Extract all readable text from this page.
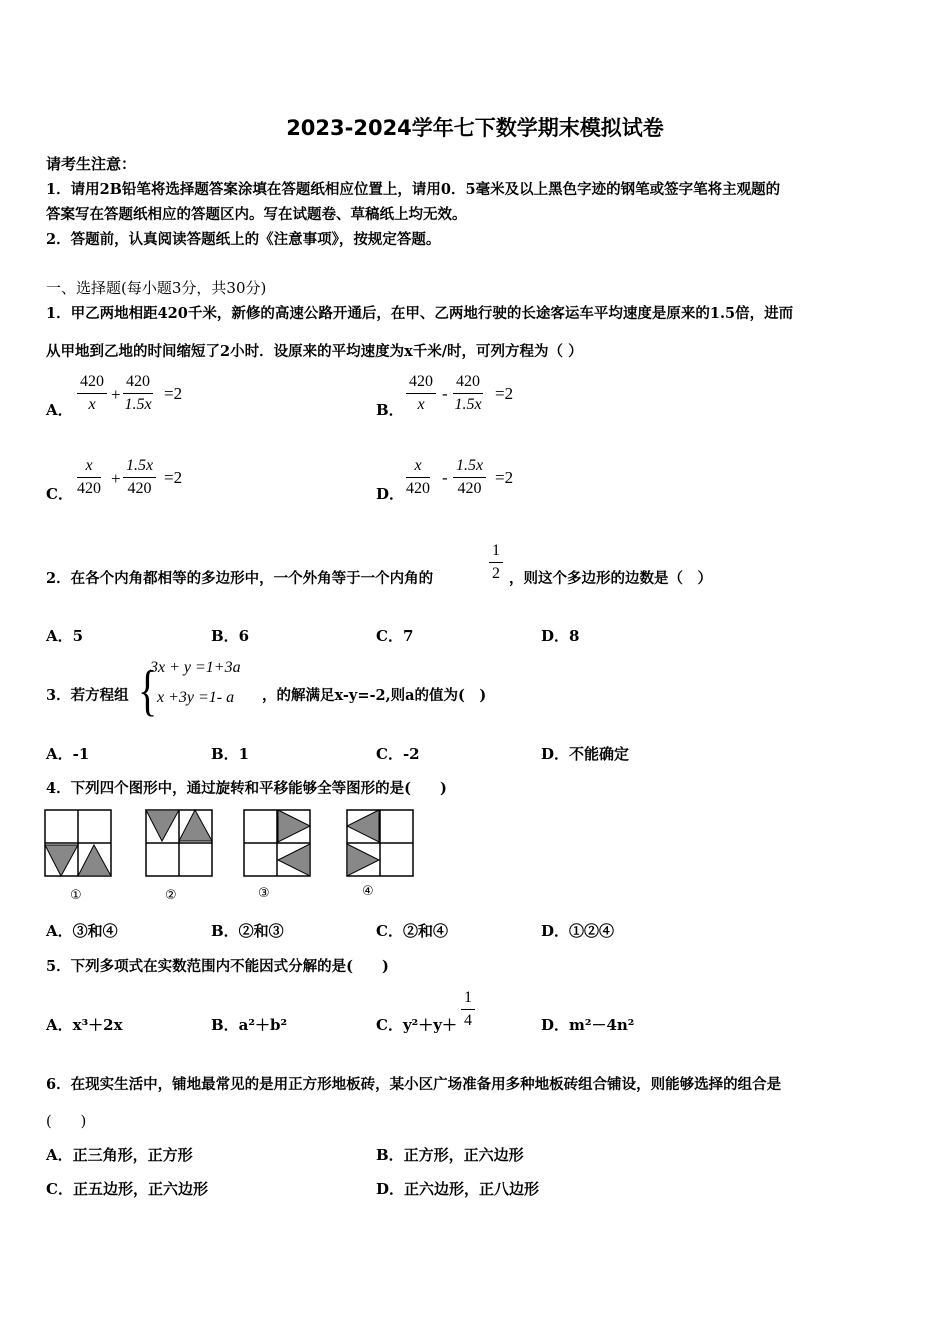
2023-2024学年七下数学期末模拟试卷
请考生注意：
1．请用2B铅笔将选择题答案涂填在答题纸相应位置上，请用0．5毫米及以上黑色字迹的钢笔或签字笔将主观题的
答案写在答题纸相应的答题区内。写在试题卷、草稿纸上均无效。
2．答题前，认真阅读答题纸上的《注意事项》，按规定答题。
一、选择题(每小题3分，共30分)
1．甲乙两地相距420千米，新修的高速公路开通后，在甲、乙两地行驶的长途客运车平均速度是原来的1.5倍，进而
从甲地到乙地的时间缩短了2小时．设原来的平均速度为x千米/时，可列方程为（ ）
A． $\frac{420}{x} + \frac{420}{1.5x} =2$
B． $\frac{420}{x} - \frac{420}{1.5x} =2$
C． $\frac{x}{420} + \frac{1.5x}{420} =2$
D． $\frac{x}{420} - \frac{1.5x}{420} =2$
2．在各个内角都相等的多边形中，一个外角等于一个内角的	$\frac{1}{2}$ ，则这个多边形的边数是（　）
A．5	B．6	C．7	D．8
3．若方程组 {
3x + y =1+3a
x +3y =1- a ，的解满足x-y=-2,则a的值为(　)
A．-1	B．1	C．-2	D．不能确定
4．下列四个图形中，通过旋转和平移能够全等图形的是(　　)
①	②	③	④
A．③和④	B．②和③	C．②和④	D．①②④
5．下列多项式在实数范围内不能因式分解的是(　　)
A．x³＋2x	B．a²＋b²	C．$y^2+y+ \frac{1}{4}$	D．m²－4n²
6．在现实生活中，铺地最常见的是用正方形地板砖，某小区广场准备用多种地板砖组合铺设，则能够选择的组合是
(　　)
A．正三角形，正方形	B．正方形，正六边形
C．正五边形，正六边形	D．正六边形，正八边形
